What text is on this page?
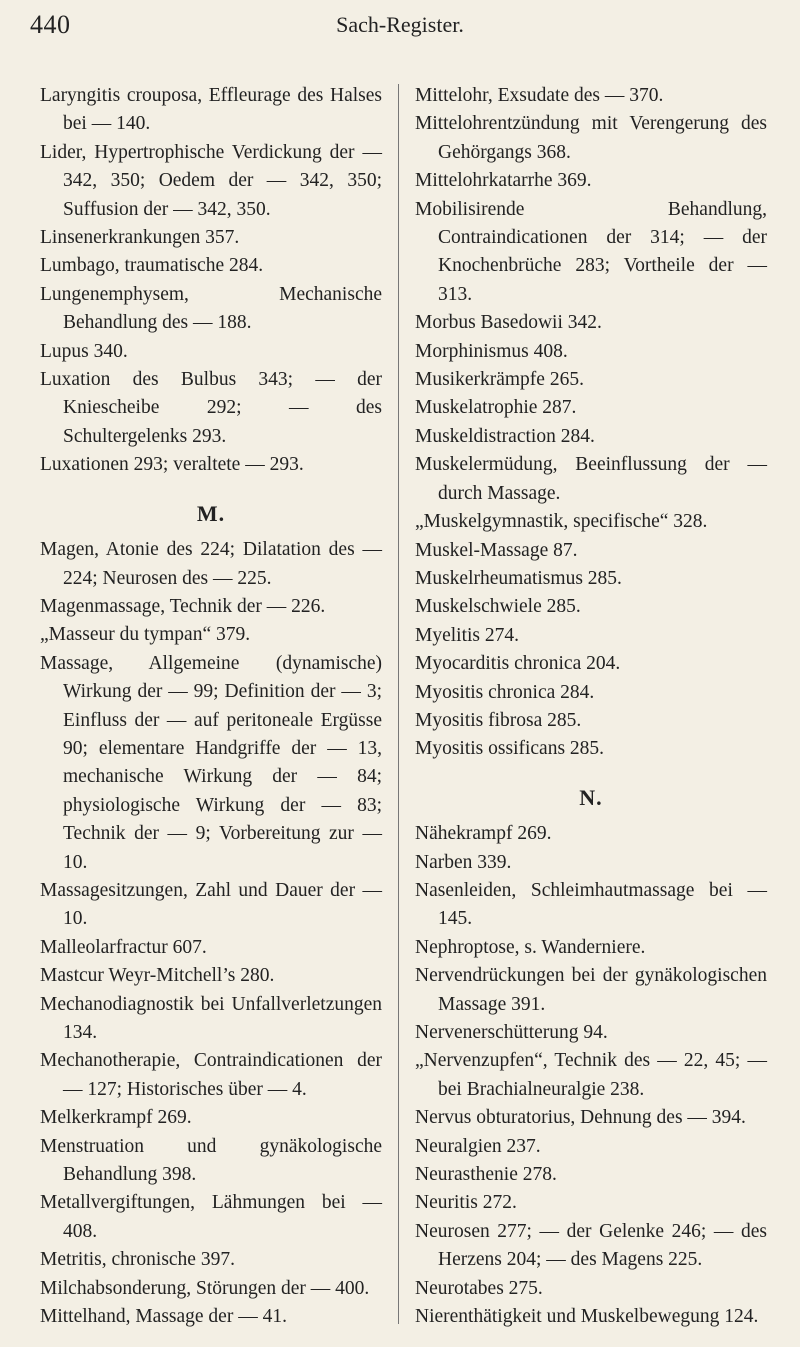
440	Sach-Register.
Laryngitis crouposa, Effleurage des Halses bei — 140.
Lider, Hypertrophische Verdickung der — 342, 350; Oedem der — 342, 350; Suffusion der — 342, 350.
Linsenerkrankungen 357.
Lumbago, traumatische 284.
Lungenemphysem, Mechanische Behandlung des — 188.
Lupus 340.
Luxation des Bulbus 343; — der Kniescheibe 292; — des Schultergelenks 293.
Luxationen 293; veraltete — 293.
M.
Magen, Atonie des 224; Dilatation des — 224; Neurosen des — 225.
Magenmassage, Technik der — 226.
„Masseur du tympan“ 379.
Massage, Allgemeine (dynamische) Wirkung der — 99; Definition der — 3; Einfluss der — auf peritoneale Ergüsse 90; elementare Handgriffe der — 13, mechanische Wirkung der — 84; physiologische Wirkung der — 83; Technik der — 9; Vorbereitung zur — 10.
Massagesitzungen, Zahl und Dauer der — 10.
Malleolarfractur 607.
Mastcur Weyr-Mitchell’s 280.
Mechanodiagnostik bei Unfallverletzungen 134.
Mechanotherapie, Contraindicationen der — 127; Historisches über — 4.
Melkerkrampf 269.
Menstruation und gynäkologische Behandlung 398.
Metallvergiftungen, Lähmungen bei — 408.
Metritis, chronische 397.
Milchabsonderung, Störungen der — 400.
Mittelhand, Massage der — 41.
Mittelohr, Exsudate des — 370.
Mittelohrentzündung mit Verengerung des Gehörgangs 368.
Mittelohrkatarrhe 369.
Mobilisirende Behandlung, Contraindicationen der 314; — der Knochenbrüche 283; Vortheile der — 313.
Morbus Basedowii 342.
Morphinismus 408.
Musikerkrämpfe 265.
Muskelatrophie 287.
Muskeldistraction 284.
Muskelermüdung, Beeinflussung der — durch Massage.
„Muskelgymnastik, specifische“ 328.
Muskel-Massage 87.
Muskelrheumatismus 285.
Muskelschwiele 285.
Myelitis 274.
Myocarditis chronica 204.
Myositis chronica 284.
Myositis fibrosa 285.
Myositis ossificans 285.
N.
Nähekrampf 269.
Narben 339.
Nasenleiden, Schleimhautmassage bei — 145.
Nephroptose, s. Wanderniere.
Nervendrückungen bei der gynäkologischen Massage 391.
Nervenerschütterung 94.
„Nervenzupfen“, Technik des — 22, 45; — bei Brachialneuralgie 238.
Nervus obturatorius, Dehnung des — 394.
Neuralgien 237.
Neurasthenie 278.
Neuritis 272.
Neurosen 277; — der Gelenke 246; — des Herzens 204; — des Magens 225.
Neurotabes 275.
Nierenthätigkeit und Muskelbewegung 124.
